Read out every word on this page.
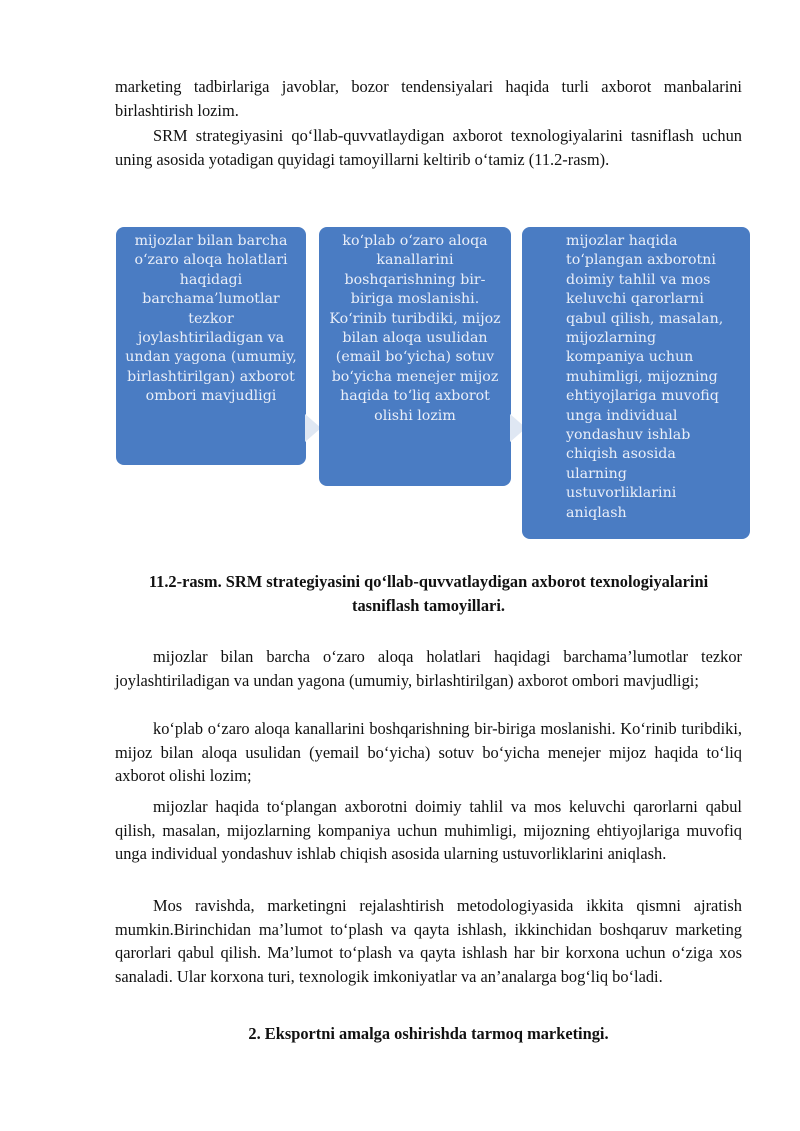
marketing tadbirlariga javoblar, bozor tendensiyalari haqida turli axborot manbalarini birlashtirish lozim.

SRM strategiyasini qo‘llab-quvvatlaydigan axborot texnologiyalarini tasniflash uchun uning asosida yotadigan quyidagi tamoyillarni keltirib o‘tamiz (11.2-rasm).

mijozlar bilan barcha o‘zaro aloqa holatlari haqidagi barchama’lumotlar tezkor joylashtiriladigan va undan yagona (umumiy, birlashtirilgan) axborot ombori mavjudligi
ko‘plab o‘zaro aloqa kanallarini boshqarishning bir-biriga moslanishi. Ko‘rinib turibdiki, mijoz bilan aloqa usulidan (email bo‘yicha) sotuv bo‘yicha menejer mijoz haqida to‘liq axborot olishi lozim
mijozlar haqida to‘plangan axborotni doimiy tahlil va mos keluvchi qarorlarni qabul qilish, masalan, mijozlarning kompaniya uchun muhimligi, mijozning ehtiyojlariga muvofiq unga individual yondashuv ishlab chiqish asosida ularning ustuvorliklarini aniqlash

11.2-rasm. SRM strategiyasini qo‘llab-quvvatlaydigan axborot texnologiyalarini tasniflash tamoyillari.

mijozlar bilan barcha o‘zaro aloqa holatlari haqidagi barchama’lumotlar tezkor joylashtiriladigan va undan yagona (umumiy, birlashtirilgan) axborot ombori mavjudligi;

ko‘plab o‘zaro aloqa kanallarini boshqarishning bir-biriga moslanishi. Ko‘rinib turibdiki, mijoz bilan aloqa usulidan (yemail bo‘yicha) sotuv bo‘yicha menejer mijoz haqida to‘liq axborot olishi lozim;

mijozlar haqida to‘plangan axborotni doimiy tahlil va mos keluvchi qarorlarni qabul qilish, masalan, mijozlarning kompaniya uchun muhimligi, mijozning ehtiyojlariga muvofiq unga individual yondashuv ishlab chiqish asosida ularning ustuvorliklarini aniqlash.

Mos ravishda, marketingni rejalashtirish metodologiyasida ikkita qismni ajratish mumkin.Birinchidan ma’lumot to‘plash va qayta ishlash, ikkinchidan boshqaruv marketing qarorlari qabul qilish. Ma’lumot to‘plash va qayta ishlash har bir korxona uchun o‘ziga xos sanaladi. Ular korxona turi, texnologik imkoniyatlar va an’analarga bog‘liq bo‘ladi.

2. Eksportni amalga oshirishda tarmoq marketingi.
